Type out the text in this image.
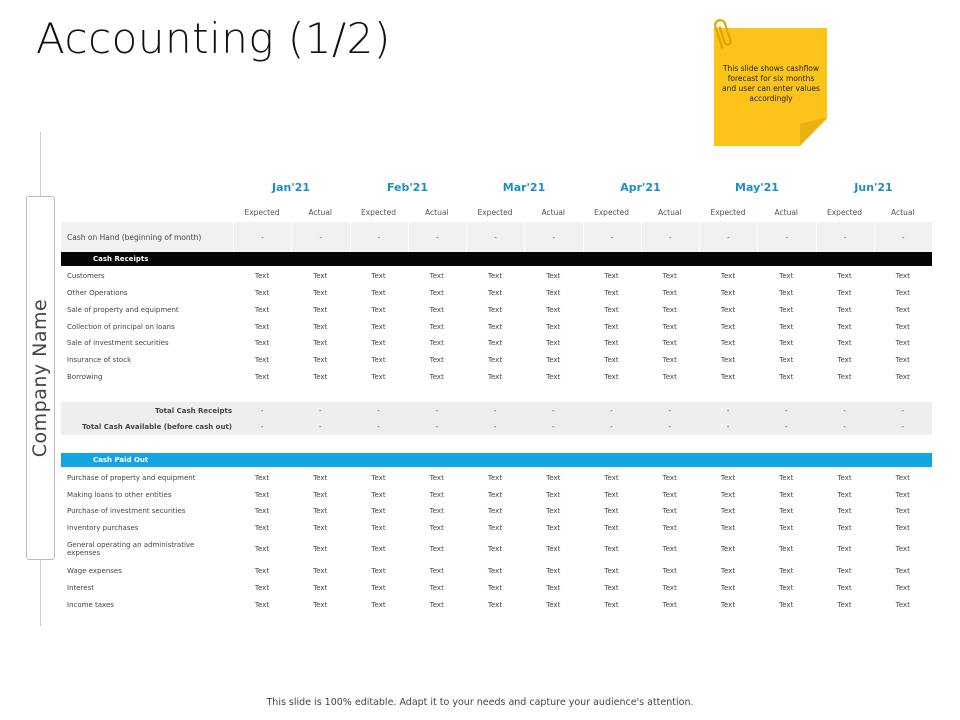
Accounting (1/2)
This slide shows cashflow forecast for six months and user can enter values accordingly
Company Name
Jan'21	Feb'21	Mar'21	Apr'21	May'21	Jun'21
Expected	Actual	Expected	Actual	Expected	Actual	Expected	Actual	Expected	Actual	Expected	Actual
Cash on Hand (beginning of month)	-	-	-	-	-	-	-	-	-	-	-	-
Cash Receipts
Customers	Text	Text	Text	Text	Text	Text	Text	Text	Text	Text	Text	Text
Other Operations	Text	Text	Text	Text	Text	Text	Text	Text	Text	Text	Text	Text
Sale of property and equipment	Text	Text	Text	Text	Text	Text	Text	Text	Text	Text	Text	Text
Collection of principal on loans	Text	Text	Text	Text	Text	Text	Text	Text	Text	Text	Text	Text
Sale of investment securities	Text	Text	Text	Text	Text	Text	Text	Text	Text	Text	Text	Text
Insurance of stock	Text	Text	Text	Text	Text	Text	Text	Text	Text	Text	Text	Text
Borrowing	Text	Text	Text	Text	Text	Text	Text	Text	Text	Text	Text	Text
Total Cash Receipts	-	-	-	-	-	-	-	-	-	-	-	-
Total Cash Available (before cash out)	-	-	-	-	-	-	-	-	-	-	-	-
Cash Paid Out
Purchase of property and equipment	Text	Text	Text	Text	Text	Text	Text	Text	Text	Text	Text	Text
Making loans to other entities	Text	Text	Text	Text	Text	Text	Text	Text	Text	Text	Text	Text
Purchase of investment securities	Text	Text	Text	Text	Text	Text	Text	Text	Text	Text	Text	Text
Inventory purchases	Text	Text	Text	Text	Text	Text	Text	Text	Text	Text	Text	Text
General operating an administrative expenses	Text	Text	Text	Text	Text	Text	Text	Text	Text	Text	Text	Text
Wage expenses	Text	Text	Text	Text	Text	Text	Text	Text	Text	Text	Text	Text
Interest	Text	Text	Text	Text	Text	Text	Text	Text	Text	Text	Text	Text
Income taxes	Text	Text	Text	Text	Text	Text	Text	Text	Text	Text	Text	Text
This slide is 100% editable. Adapt it to your needs and capture your audience's attention.
